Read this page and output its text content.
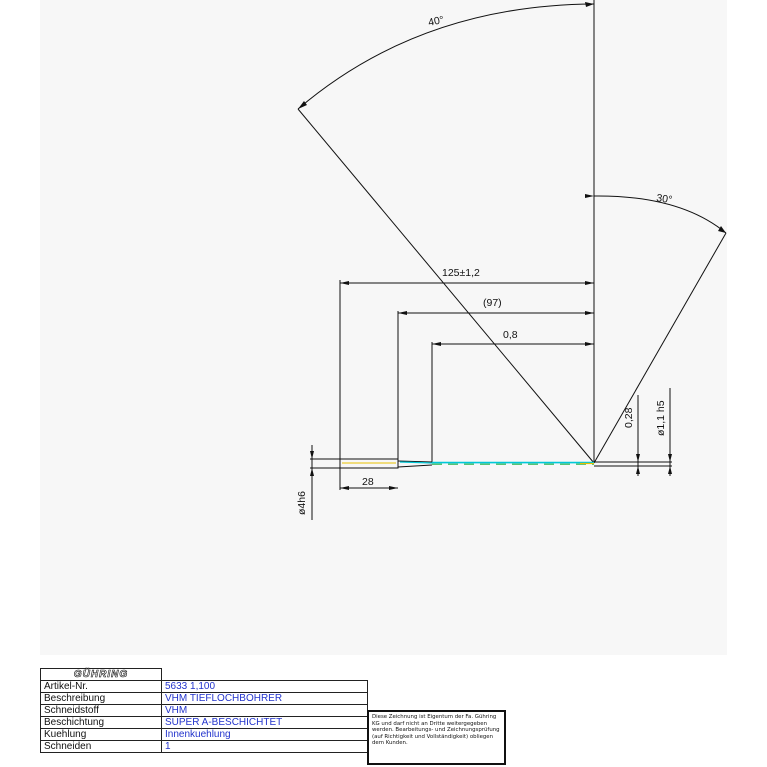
40°
30°
125±1,2
(97)
0,8
28
0,28 ø1,1 h5
ø4h6
GÜHRING	
Artikel-Nr.	5633 1,100
Beschreibung	VHM TIEFLOCHBOHRER
Schneidstoff	VHM
Beschichtung	SUPER A-BESCHICHTET
Kuehlung	Innenkuehlung
Schneiden	1
Diese Zeichnung ist Eigentum der Fa. Gühring KG und darf nicht an Dritte weitergegeben werden. Bearbeitungs- und Zeichnungsprüfung (auf Richtigkeit und Vollständigkeit) obliegen dem Kunden.
